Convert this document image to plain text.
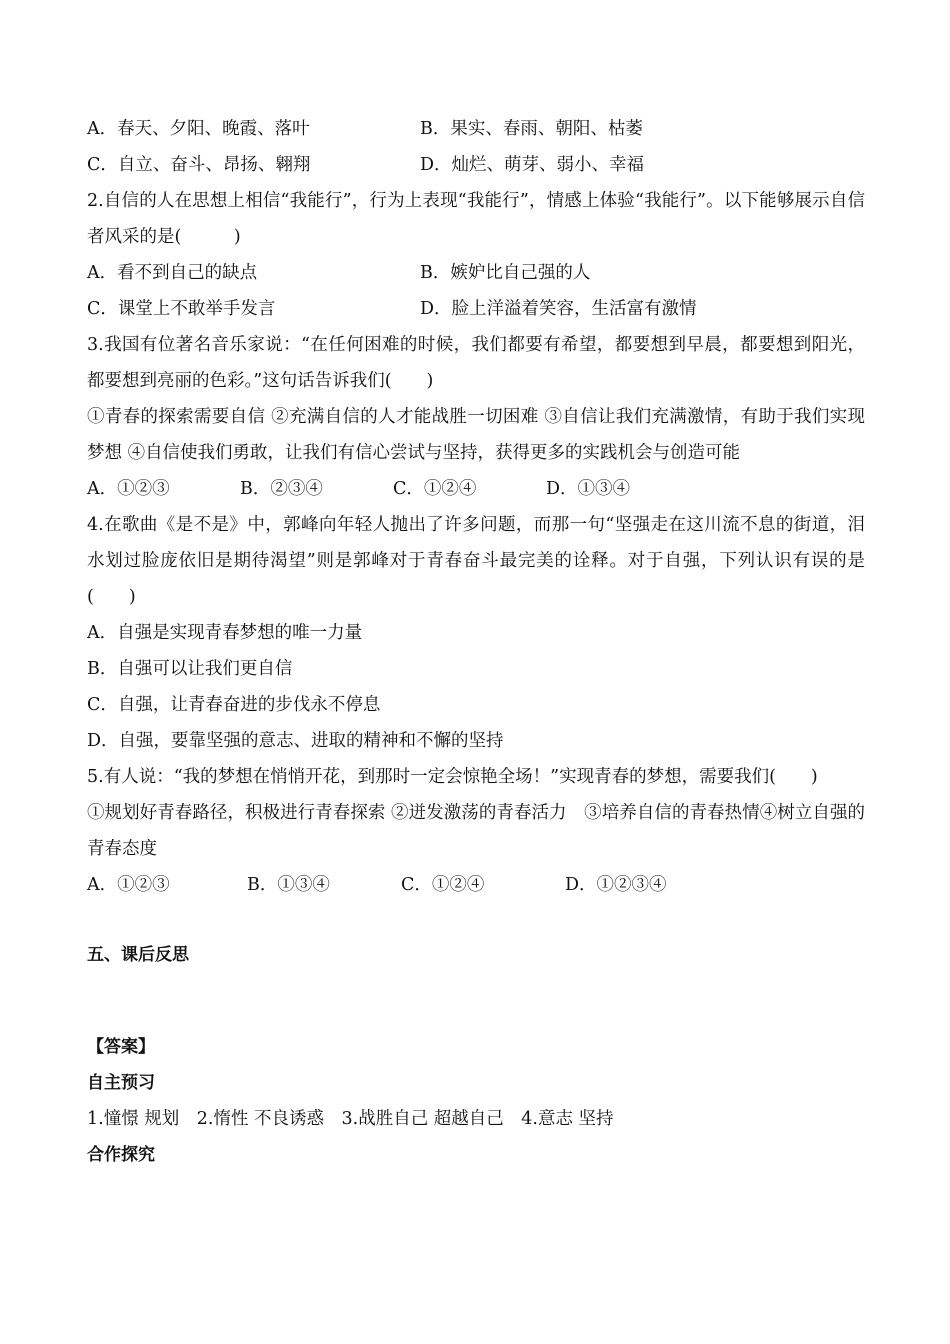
A．春天、夕阳、晚霞、落叶	B．果实、春雨、朝阳、枯萎
C．自立、奋斗、昂扬、翱翔	D．灿烂、萌芽、弱小、幸福
2.自信的人在思想上相信“我能行”，行为上表现“我能行”，情感上体验“我能行”。以下能够展示自信者风采的是(　　　)
A．看不到自己的缺点	B．嫉妒比自己强的人
C．课堂上不敢举手发言	D．脸上洋溢着笑容，生活富有激情
3.我国有位著名音乐家说：“在任何困难的时候，我们都要有希望，都要想到早晨，都要想到阳光，都要想到亮丽的色彩。”这句话告诉我们(　　)
①青春的探索需要自信 ②充满自信的人才能战胜一切困难 ③自信让我们充满激情，有助于我们实现梦想 ④自信使我们勇敢，让我们有信心尝试与坚持，获得更多的实践机会与创造可能
A．①②③	B．②③④	C．①②④	D．①③④
4.在歌曲《是不是》中，郭峰向年轻人抛出了许多问题，而那一句“坚强走在这川流不息的街道，泪水划过脸庞依旧是期待渴望”则是郭峰对于青春奋斗最完美的诠释。对于自强，下列认识有误的是(　　)
A．自强是实现青春梦想的唯一力量
B．自强可以让我们更自信
C．自强，让青春奋进的步伐永不停息
D．自强，要靠坚强的意志、进取的精神和不懈的坚持
5.有人说：“我的梦想在悄悄开花，到那时一定会惊艳全场！”实现青春的梦想，需要我们(　　)
①规划好青春路径，积极进行青春探索 ②迸发激荡的青春活力　③培养自信的青春热情④树立自强的青春态度
A．①②③	B．①③④	C．①②④	D．①②③④
五、课后反思
【答案】
自主预习
1.憧憬 规划　2.惰性 不良诱惑　3.战胜自己 超越自己　4.意志 坚持
合作探究
